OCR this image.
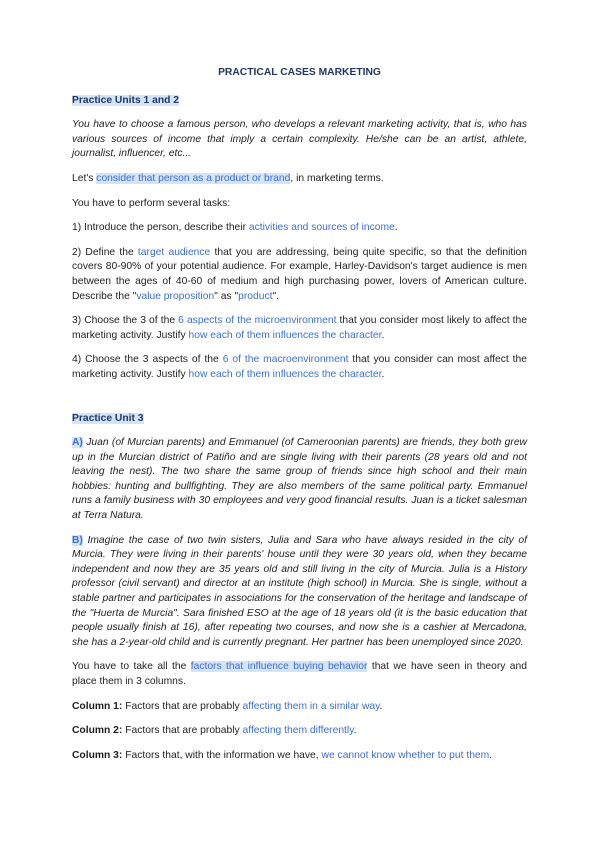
PRACTICAL CASES MARKETING
Practice Units 1 and 2

You have to choose a famous person, who develops a relevant marketing activity, that is, who has various sources of income that imply a certain complexity. He/she can be an artist, athlete, journalist, influencer, etc...

Let's consider that person as a product or brand, in marketing terms.

You have to perform several tasks:

1) Introduce the person, describe their activities and sources of income.

2) Define the target audience that you are addressing, being quite specific, so that the definition covers 80-90% of your potential audience. For example, Harley-Davidson's target audience is men between the ages of 40-60 of medium and high purchasing power, lovers of American culture. Describe the "value proposition" as "product".

3) Choose the 3 of the 6 aspects of the microenvironment that you consider most likely to affect the marketing activity. Justify how each of them influences the character.

4) Choose the 3 aspects of the 6 of the macroenvironment that you consider can most affect the marketing activity. Justify how each of them influences the character.

Practice Unit 3

A) Juan (of Murcian parents) and Emmanuel (of Cameroonian parents) are friends, they both grew up in the Murcian district of Patiño and are single living with their parents (28 years old and not leaving the nest). The two share the same group of friends since high school and their main hobbies: hunting and bullfighting. They are also members of the same political party. Emmanuel runs a family business with 30 employees and very good financial results. Juan is a ticket salesman at Terra Natura.

B) Imagine the case of two twin sisters, Julia and Sara who have always resided in the city of Murcia. They were living in their parents' house until they were 30 years old, when they became independent and now they are 35 years old and still living in the city of Murcia. Julia is a History professor (civil servant) and director at an institute (high school) in Murcia. She is single, without a stable partner and participates in associations for the conservation of the heritage and landscape of the "Huerta de Murcia". Sara finished ESO at the age of 18 years old (it is the basic education that people usually finish at 16), after repeating two courses, and now she is a cashier at Mercadona, she has a 2-year-old child and is currently pregnant. Her partner has been unemployed since 2020.

You have to take all the factors that influence buying behavior that we have seen in theory and place them in 3 columns.

Column 1: Factors that are probably affecting them in a similar way.

Column 2: Factors that are probably affecting them differently.

Column 3: Factors that, with the information we have, we cannot know whether to put them.
